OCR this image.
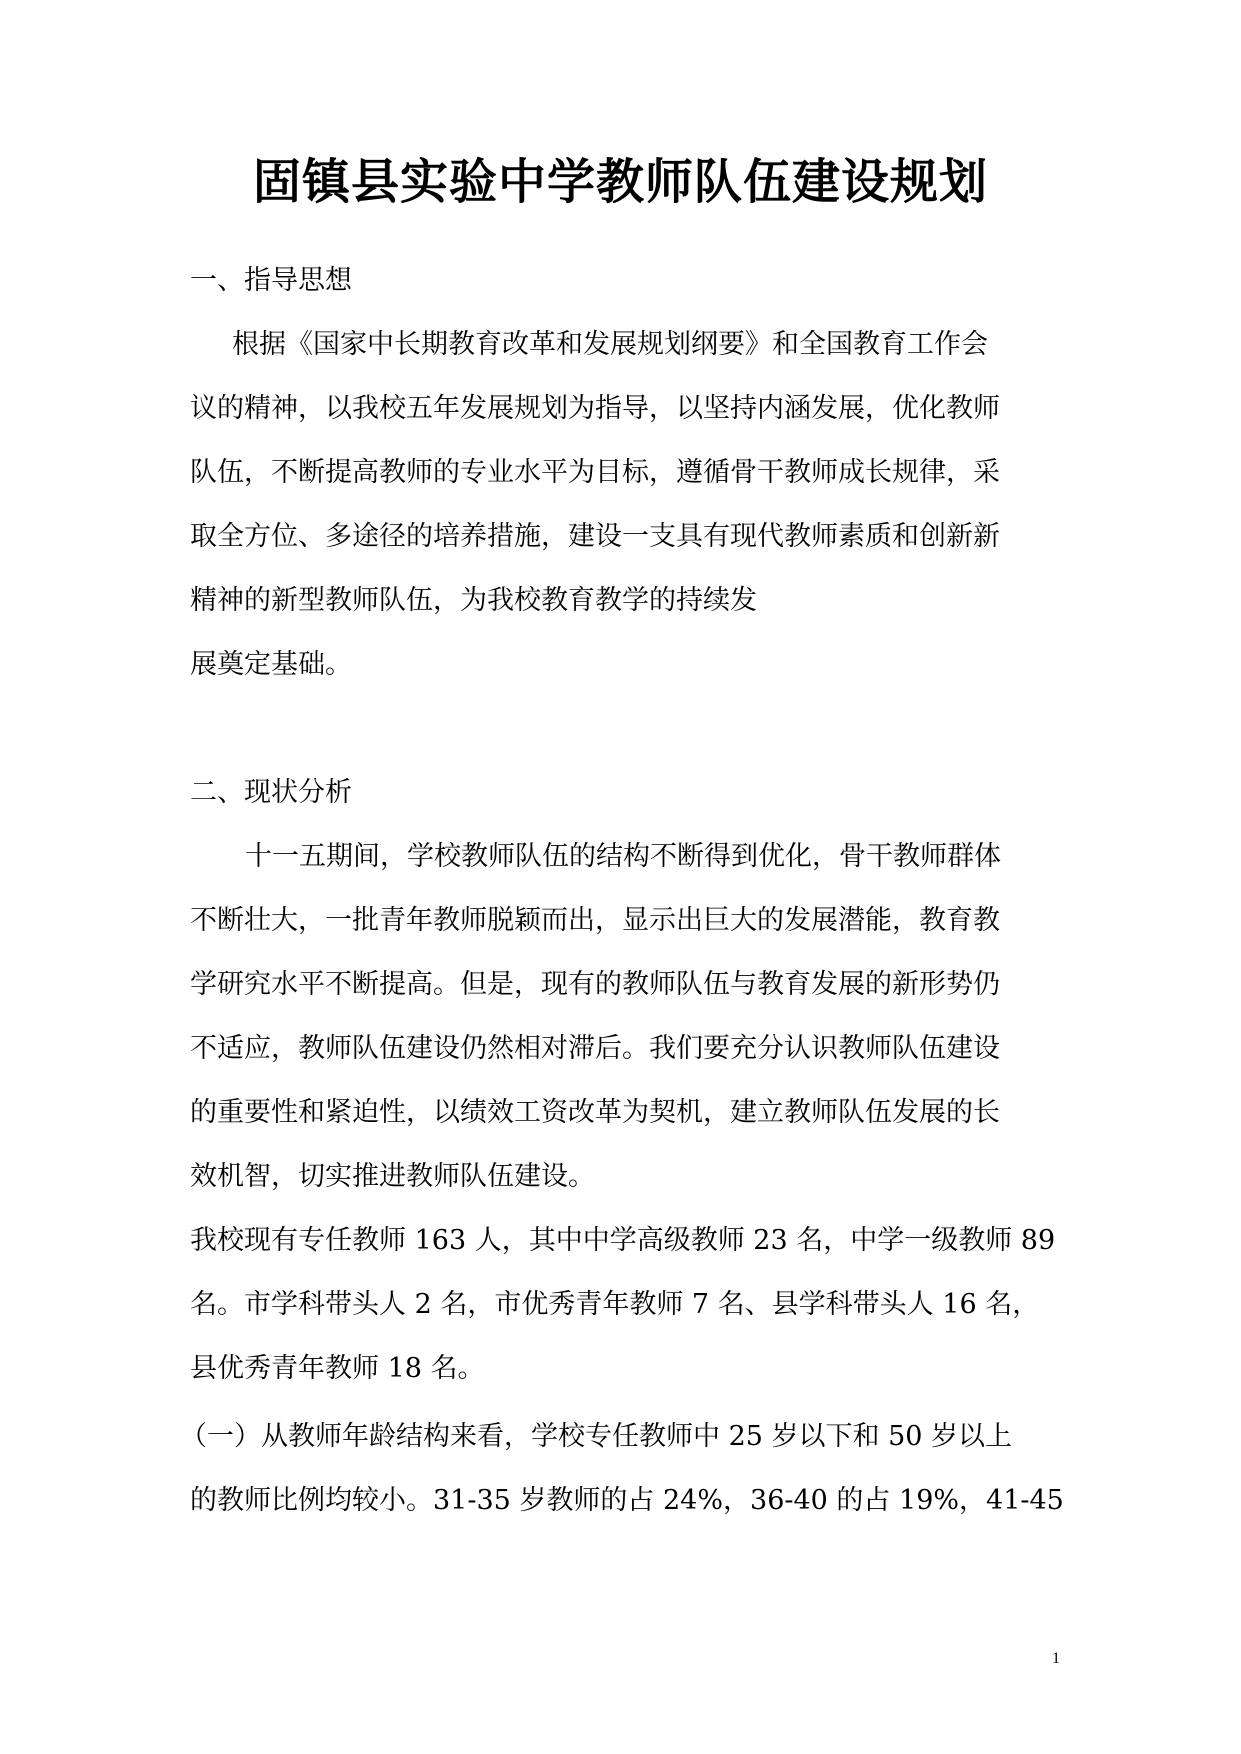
固镇县实验中学教师队伍建设规划
一、指导思想
根据《国家中长期教育改革和发展规划纲要》和全国教育工作会
议的精神，以我校五年发展规划为指导，以坚持内涵发展，优化教师
队伍，不断提高教师的专业水平为目标，遵循骨干教师成长规律，采
取全方位、多途径的培养措施，建设一支具有现代教师素质和创新新
精神的新型教师队伍，为我校教育教学的持续发
展奠定基础。
二、现状分析
十一五期间，学校教师队伍的结构不断得到优化，骨干教师群体
不断壮大，一批青年教师脱颖而出，显示出巨大的发展潜能，教育教
学研究水平不断提高。但是，现有的教师队伍与教育发展的新形势仍
不适应，教师队伍建设仍然相对滞后。我们要充分认识教师队伍建设
的重要性和紧迫性，以绩效工资改革为契机，建立教师队伍发展的长
效机智，切实推进教师队伍建设。
我校现有专任教师 163 人，其中中学高级教师 23 名，中学一级教师 89
名。市学科带头人 2 名，市优秀青年教师 7 名、县学科带头人 16 名，
县优秀青年教师 18 名。
（一）从教师年龄结构来看，学校专任教师中 25 岁以下和 50 岁以上
的教师比例均较小。31-35 岁教师的占 24%，36-40 的占 19%，41-45
1
